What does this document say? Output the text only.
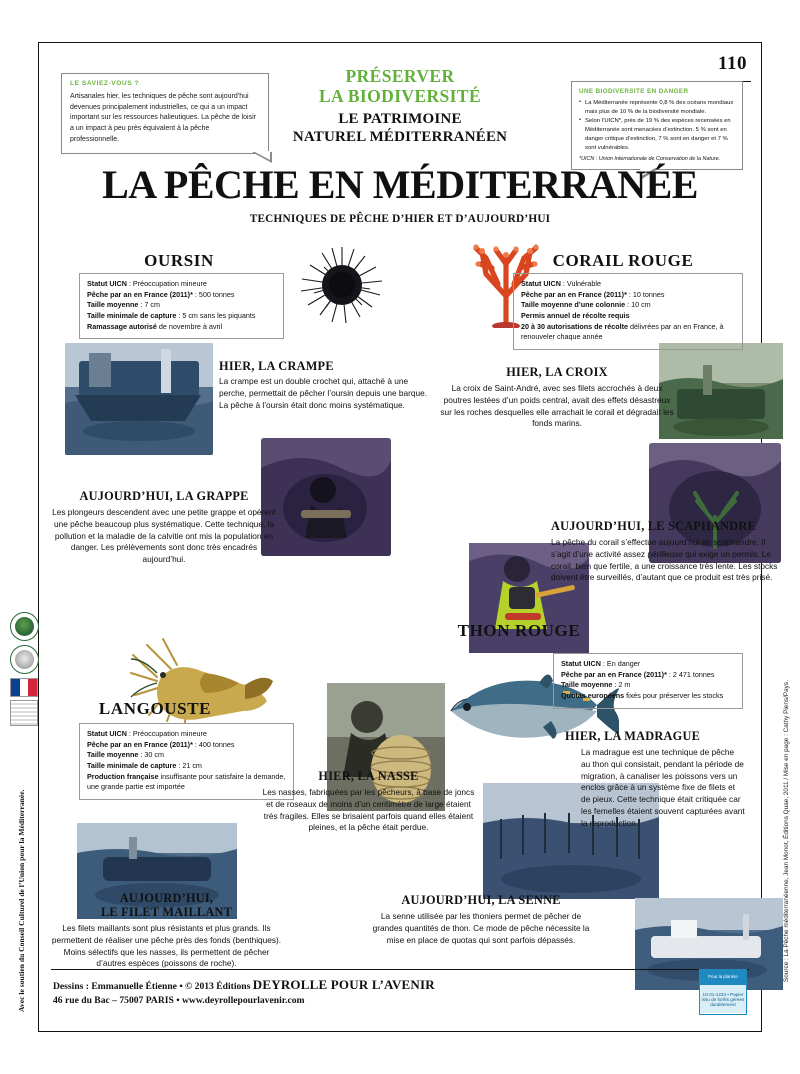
110
LE SAVIEZ-VOUS ?
Artisanales hier, les techniques de pêche sont aujourd’hui devenues principalement industrielles, ce qui a un impact important sur les ressources halieutiques. La pêche de loisir a un impact à peu près équivalent à la pêche professionnelle.
UNE BIODIVERSITE EN DANGER
• La Méditerranée représente 0,8 % des océans mondiaux mais plus de 10 % de la biodiversité mondiale.
• Selon l’UICN*, près de 19 % des espèces recensées en Méditerranée sont menacées d’extinction. 5 % sont en danger critique d’extinction, 7 % sont en danger et 7 % sont vulnérables.
*UICN : Union Internationale de Conservation de la Nature.
PRÉSERVER
LA BIODIVERSITÉ
LE PATRIMOINE
NATUREL MÉDITERRANÉEN
LA PÊCHE EN MÉDITERRANÉE
TECHNIQUES DE PÊCHE D’HIER ET D’AUJOURD’HUI
OURSIN
Statut UICN : Préoccupation mineure
Pêche par an en France (2011)* : 500 tonnes
Taille moyenne : 7 cm
Taille minimale de capture : 5 cm sans les piquants
Ramassage autorisé de novembre à avril
HIER, LA CRAMPE
La crampe est un double crochet qui, attaché à une perche, permettait de pêcher l’oursin depuis une barque. La pêche à l’oursin était donc moins systématique.
AUJOURD’HUI, LA GRAPPE
Les plongeurs descendent avec une petite grappe et opèrent une pêche beaucoup plus systématique. Cette technique, la pollution et la maladie de la calvitie ont mis la population en danger. Les prélèvements sont donc très encadrés aujourd’hui.
CORAIL ROUGE
Statut UICN : Vulnérable
Pêche par an en France (2011)* : 10 tonnes
Taille moyenne d’une colonnie : 10 cm
Permis annuel de récolte requis
20 à 30 autorisations de récolte délivrées par an en France, à renouveler chaque année
HIER, LA CROIX
La croix de Saint-André, avec ses filets accrochés à deux poutres lestées d’un poids central, avait des effets désastreux sur les roches desquelles elle arrachait le corail et dégradait les fonds marins.
AUJOURD’HUI, LE SCAPHANDRE
La pêche du corail s’effectue aujourd’hui en scaphandre. Il s’agit d’une activité assez périlleuse qui exige un permis. Le corail, bien que fertile, a une croissance très lente. Les stocks doivent être surveillés, d’autant que ce produit est très prisé.
LANGOUSTE
Statut UICN : Préoccupation mineure
Pêche par an en France (2011)* : 400 tonnes
Taille moyenne : 30 cm
Taille minimale de capture : 21 cm
Production française insuffisante pour satisfaire la demande, une grande partie est importée
HIER, LA NASSE
Les nasses, fabriquées par les pêcheurs, à base de joncs et de roseaux de moins d’un centimètre de large étaient très fragiles. Elles se brisaient parfois quand elles étaient pleines, et la pêche était perdue.
AUJOURD’HUI,
LE FILET MAILLANT
Les filets maillants sont plus résistants et plus grands. Ils permettent de réaliser une pêche près des fonds (benthiques). Moins sélectifs que les nasses, ils permettent de pêcher d’autres espèces (poissons de roche).
THON ROUGE
Statut UICN : En danger
Pêche par an en France (2011)* : 2 471 tonnes
Taille moyenne : 2 m
Quotas européens fixés pour préserver les stocks
HIER, LA MADRAGUE
La madrague est une technique de pêche au thon qui consistait, pendant la période de migration, à canaliser les poissons vers un enclos grâce à un système fixe de filets et de pieux. Cette technique était critiquée car les femelles étaient souvent capturées avant la reproduction.
AUJOURD’HUI, LA SENNE
La senne utilisée par les thoniers permet de pêcher de grandes quantités de thon. Ce mode de pêche nécessite la mise en place de quotas qui sont parfois dépassés.
Dessins : Emmanuelle Étienne • © 2013 Éditions DEYROLLE POUR L’AVENIR
46 rue du Bac – 75007 PARIS • www.deyrollepourlavenir.com
Pour la planète
10-31-1234 • Papier issu de forêts gérées durablement
Avec le soutien du Conseil Culturel de l’Union pour la Méditerranée.	Source : La Pêche méditerranéenne, Jean Monot, Éditions Quae, 2011 / Mise en page : Cathy Piens/Pays.
